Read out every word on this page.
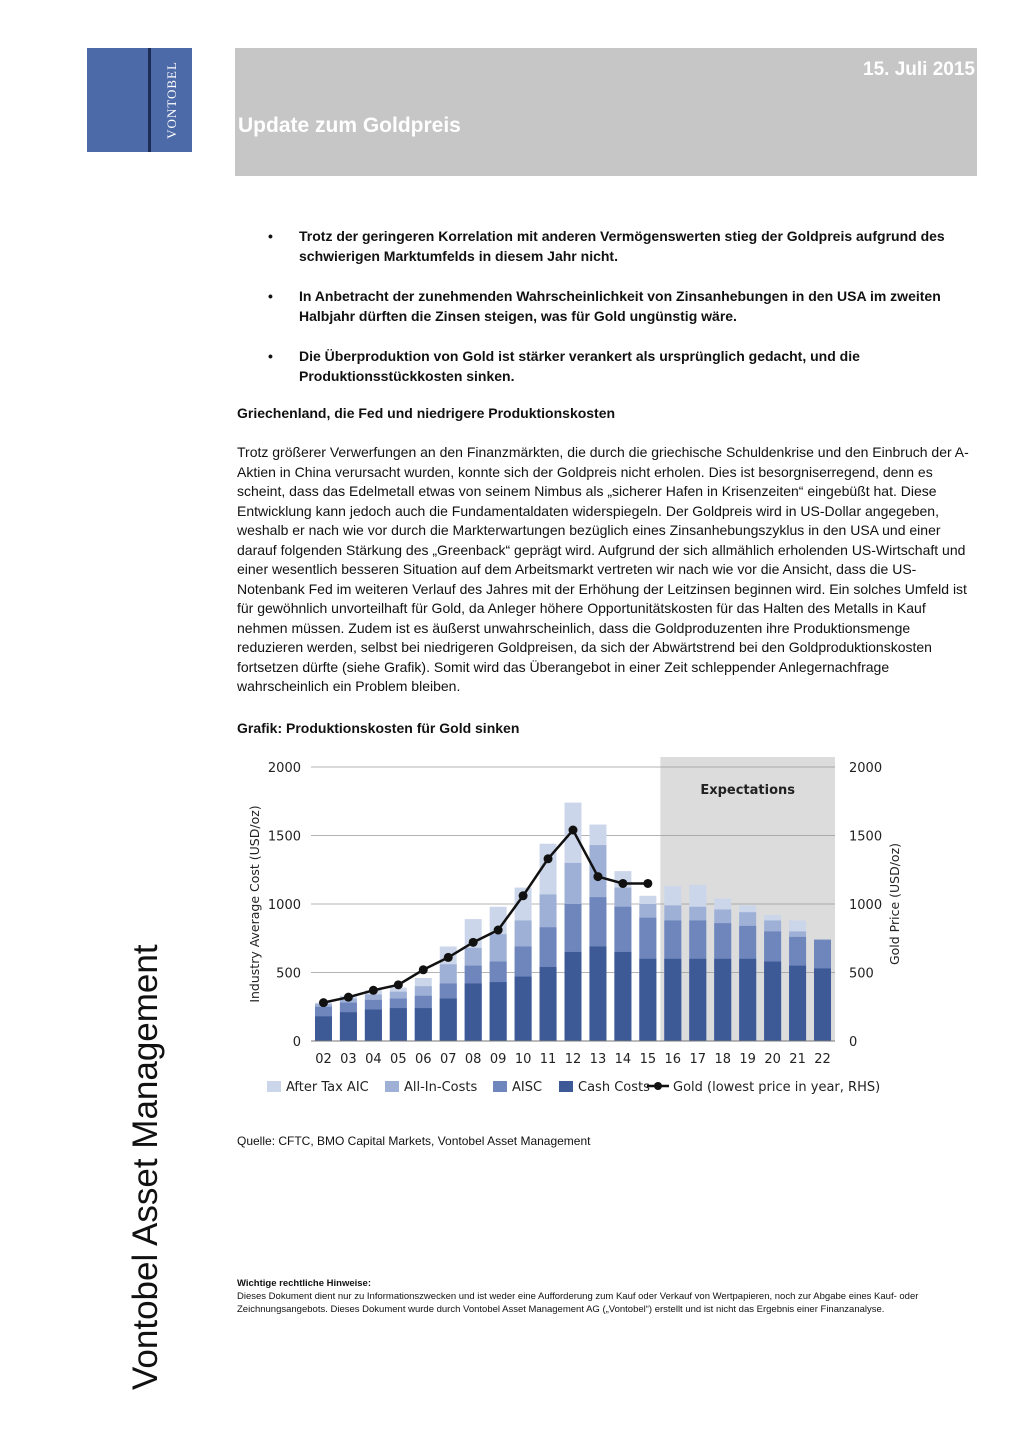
VONTOBEL	15. Juli 2015
Update zum Goldpreis
Vontobel Asset Management
• Trotz der geringeren Korrelation mit anderen Vermögenswerten stieg der Goldpreis aufgrund des schwierigen Marktumfelds in diesem Jahr nicht.
• In Anbetracht der zunehmenden Wahrscheinlichkeit von Zinsanhebungen in den USA im zweiten Halbjahr dürften die Zinsen steigen, was für Gold ungünstig wäre.
• Die Überproduktion von Gold ist stärker verankert als ursprünglich gedacht, und die Produktionsstückkosten sinken.
Griechenland, die Fed und niedrigere Produktionskosten

Trotz größerer Verwerfungen an den Finanzmärkten, die durch die griechische Schuldenkrise und den Einbruch der A-Aktien in China verursacht wurden, konnte sich der Goldpreis nicht erholen. Dies ist besorgniserregend, denn es scheint, dass das Edelmetall etwas von seinem Nimbus als „sicherer Hafen in Krisenzeiten“ eingebüßt hat. Diese Entwicklung kann jedoch auch die Fundamentaldaten widerspiegeln. Der Goldpreis wird in US-Dollar angegeben, weshalb er nach wie vor durch die Markterwartungen bezüglich eines Zinsanhebungszyklus in den USA und einer darauf folgenden Stärkung des „Greenback“ geprägt wird. Aufgrund der sich allmählich erholenden US-Wirtschaft und einer wesentlich besseren Situation auf dem Arbeitsmarkt vertreten wir nach wie vor die Ansicht, dass die US-Notenbank Fed im weiteren Verlauf des Jahres mit der Erhöhung der Leitzinsen beginnen wird. Ein solches Umfeld ist für gewöhnlich unvorteilhaft für Gold, da Anleger höhere Opportunitätskosten für das Halten des Metalls in Kauf nehmen müssen. Zudem ist es äußerst unwahrscheinlich, dass die Goldproduzenten ihre Produktionsmenge reduzieren werden, selbst bei niedrigeren Goldpreisen, da sich der Abwärtstrend bei den Goldproduktionskosten fortsetzen dürfte (siehe Grafik). Somit wird das Überangebot in einer Zeit schleppender Anlegernachfrage wahrscheinlich ein Problem bleiben.

Grafik: Produktionskosten für Gold sinken
Expectations
0	0
500	500
1000	1000
1500	1500
2000	2000
02 03 04 05 06 07 08 09 10 11 12 13 14 15 16 17 18 19 20 21 22
Industry Average Cost (USD/oz)	Gold Price (USD/oz)
After Tax AIC	All-In-Costs	AISC	Cash Costs Gold (lowest price in year, RHS)
Quelle: CFTC, BMO Capital Markets, Vontobel Asset Management
Wichtige rechtliche Hinweise:
Dieses Dokument dient nur zu Informationszwecken und ist weder eine Aufforderung zum Kauf oder Verkauf von Wertpapieren, noch zur Abgabe eines Kauf- oder Zeichnungsangebots. Dieses Dokument wurde durch Vontobel Asset Management AG („Vontobel“) erstellt und ist nicht das Ergebnis einer Finanzanalyse.
